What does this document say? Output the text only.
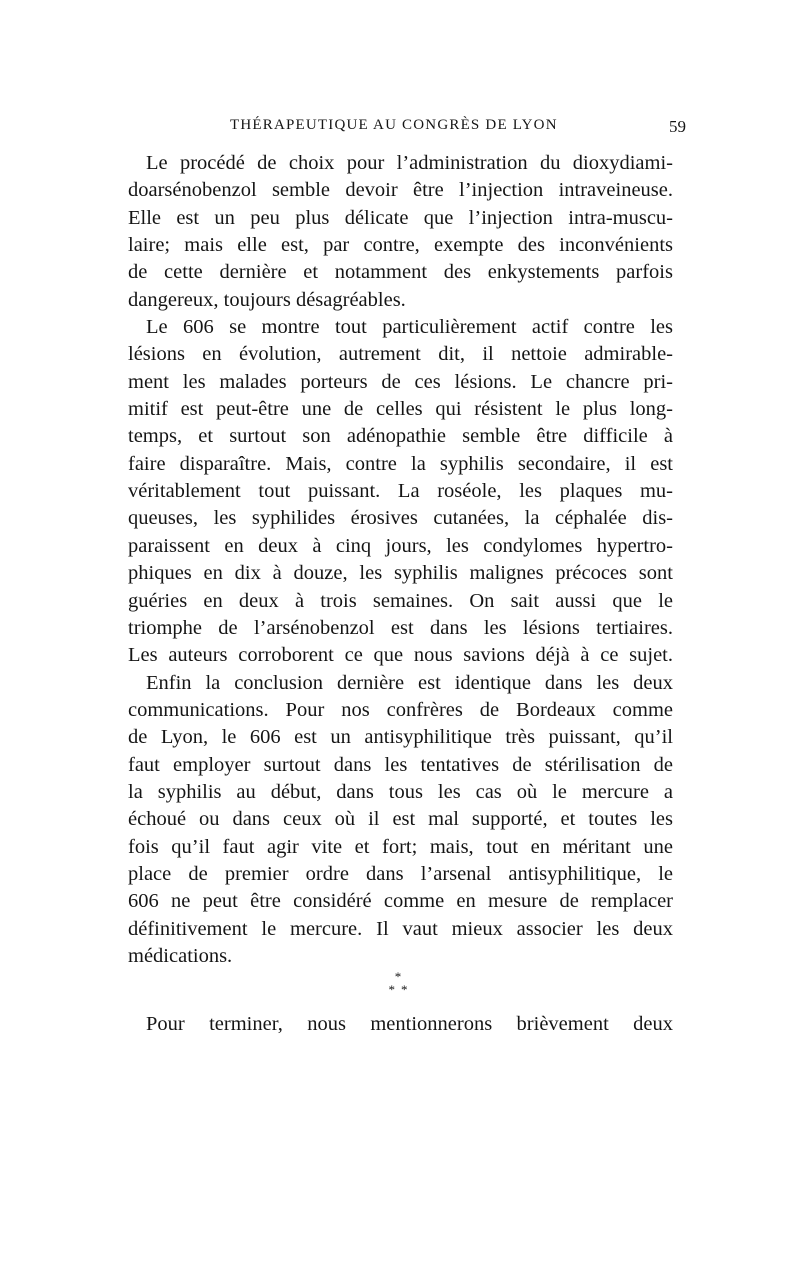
THÉRAPEUTIQUE AU CONGRÈS DE LYON	59
Le procédé de choix pour l’administration du dioxydiami-
doarsénobenzol semble devoir être l’injection intraveineuse.
Elle est un peu plus délicate que l’injection intra-muscu-
laire; mais elle est, par contre, exempte des inconvénients
de cette dernière et notamment des enkystements parfois
dangereux, toujours désagréables.
Le 606 se montre tout particulièrement actif contre les
lésions en évolution, autrement dit, il nettoie admirable-
ment les malades porteurs de ces lésions. Le chancre pri-
mitif est peut-être une de celles qui résistent le plus long-
temps, et surtout son adénopathie semble être difficile à
faire disparaître. Mais, contre la syphilis secondaire, il est
véritablement tout puissant. La roséole, les plaques mu-
queuses, les syphilides érosives cutanées, la céphalée dis-
paraissent en deux à cinq jours, les condylomes hypertro-
phiques en dix à douze, les syphilis malignes précoces sont
guéries en deux à trois semaines. On sait aussi que le
triomphe de l’arsénobenzol est dans les lésions tertiaires.
Les auteurs corroborent ce que nous savions déjà à ce sujet.
Enfin la conclusion dernière est identique dans les deux
communications. Pour nos confrères de Bordeaux comme
de Lyon, le 606 est un antisyphilitique très puissant, qu’il
faut employer surtout dans les tentatives de stérilisation de
la syphilis au début, dans tous les cas où le mercure a
échoué ou dans ceux où il est mal supporté, et toutes les
fois qu’il faut agir vite et fort; mais, tout en méritant une
place de premier ordre dans l’arsenal antisyphilitique, le
606 ne peut être considéré comme en mesure de remplacer
définitivement le mercure. Il vaut mieux associer les deux
médications.
*
**
Pour terminer, nous mentionnerons brièvement deux
